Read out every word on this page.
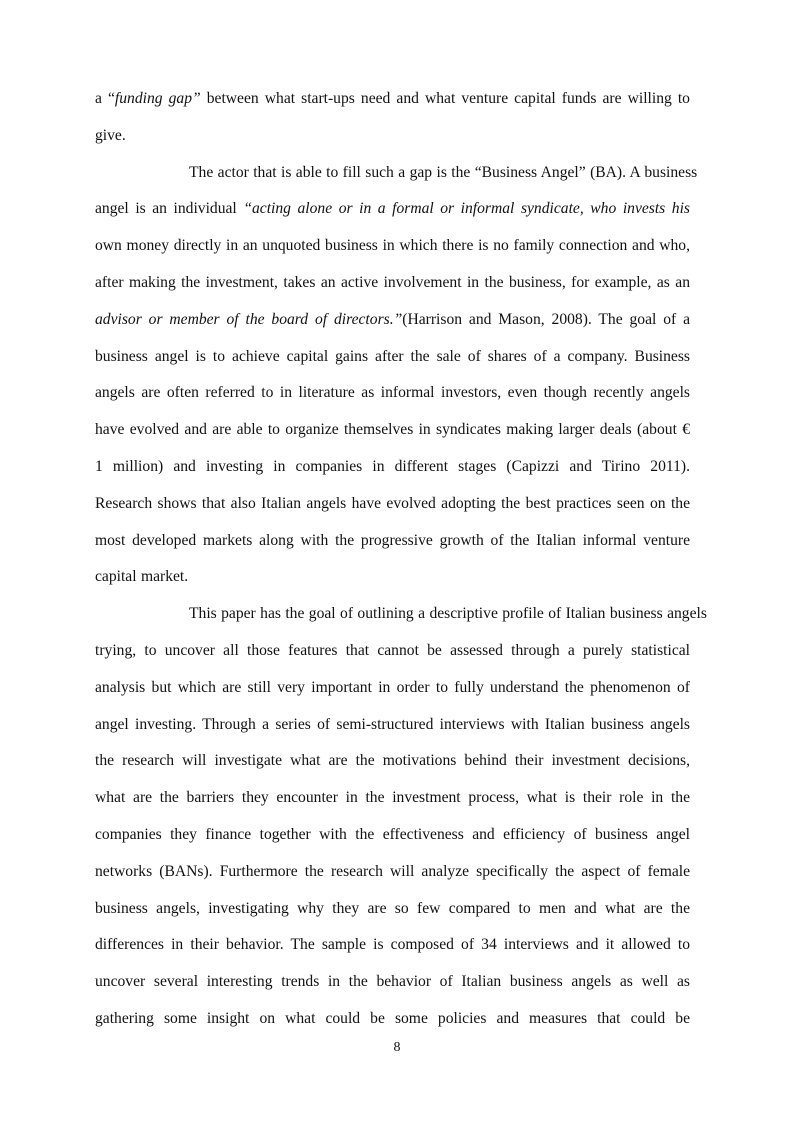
a “funding gap” between what start-ups need and what venture capital funds are willing to
give.
The actor that is able to fill such a gap is the “Business Angel” (BA). A business
angel is an individual “acting alone or in a formal or informal syndicate, who invests his
own money directly in an unquoted business in which there is no family connection and who,
after making the investment, takes an active involvement in the business, for example, as an
advisor or member of the board of directors.”(Harrison and Mason, 2008). The goal of a
business angel is to achieve capital gains after the sale of shares of a company. Business
angels are often referred to in literature as informal investors, even though recently angels
have evolved and are able to organize themselves in syndicates making larger deals (about €
1 million) and investing in companies in different stages (Capizzi and Tirino 2011).
Research shows that also Italian angels have evolved adopting the best practices seen on the
most developed markets along with the progressive growth of the Italian informal venture
capital market.
This paper has the goal of outlining a descriptive profile of Italian business angels
trying, to uncover all those features that cannot be assessed through a purely statistical
analysis but which are still very important in order to fully understand the phenomenon of
angel investing. Through a series of semi-structured interviews with Italian business angels
the research will investigate what are the motivations behind their investment decisions,
what are the barriers they encounter in the investment process, what is their role in the
companies they finance together with the effectiveness and efficiency of business angel
networks (BANs). Furthermore the research will analyze specifically the aspect of female
business angels, investigating why they are so few compared to men and what are the
differences in their behavior. The sample is composed of 34 interviews and it allowed to
uncover several interesting trends in the behavior of Italian business angels as well as
gathering some insight on what could be some policies and measures that could be
8
